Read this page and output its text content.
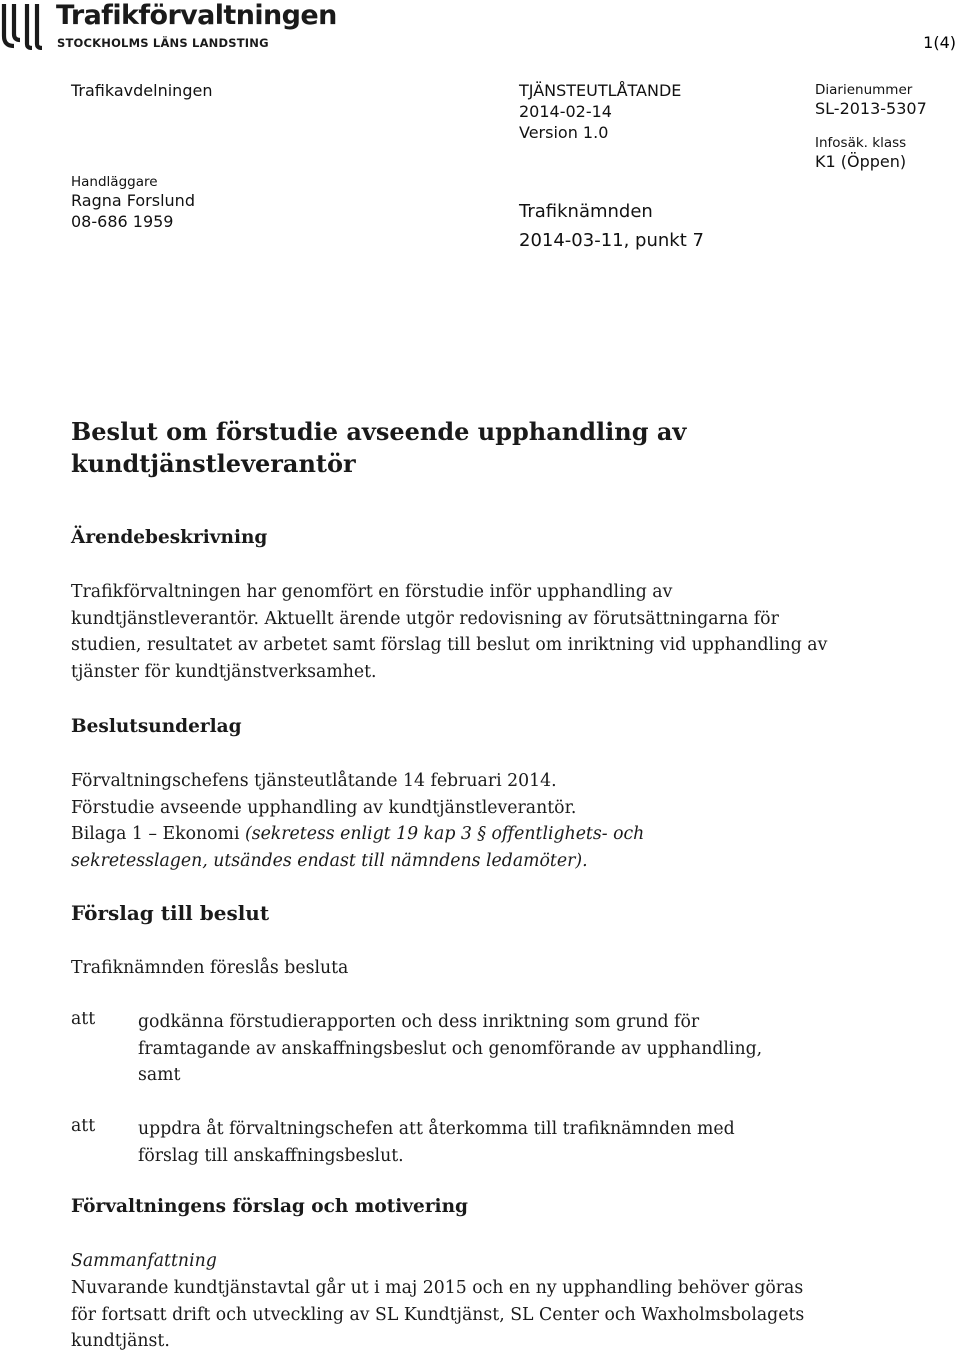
Trafikförvaltningen
STOCKHOLMS LÄNS LANDSTING	1(4)
Trafikavdelningen
Handläggare
Ragna Forslund
08-686 1959
TJÄNSTEUTLÅTANDE
2014-02-14
Version 1.0
Trafiknämnden
2014-03-11, punkt 7
Diarienummer
SL-2013-5307
Infosäk. klass
K1 (Öppen)
Beslut om förstudie avseende upphandling av
kundtjänstleverantör
Ärendebeskrivning
Trafikförvaltningen har genomfört en förstudie inför upphandling av
kundtjänstleverantör. Aktuellt ärende utgör redovisning av förutsättningarna för
studien, resultatet av arbetet samt förslag till beslut om inriktning vid upphandling av
tjänster för kundtjänstverksamhet.
Beslutsunderlag
Förvaltningschefens tjänsteutlåtande 14 februari 2014.
Förstudie avseende upphandling av kundtjänstleverantör.
Bilaga 1 – Ekonomi (sekretess enligt 19 kap 3 § offentlighets- och
sekretesslagen, utsändes endast till nämndens ledamöter).
Förslag till beslut
Trafiknämnden föreslås besluta
att godkänna förstudierapporten och dess inriktning som grund för
framtagande av anskaffningsbeslut och genomförande av upphandling,
samt
att uppdra åt förvaltningschefen att återkomma till trafiknämnden med
förslag till anskaffningsbeslut.
Förvaltningens förslag och motivering
Sammanfattning
Nuvarande kundtjänstavtal går ut i maj 2015 och en ny upphandling behöver göras
för fortsatt drift och utveckling av SL Kundtjänst, SL Center och Waxholmsbolagets
kundtjänst.
